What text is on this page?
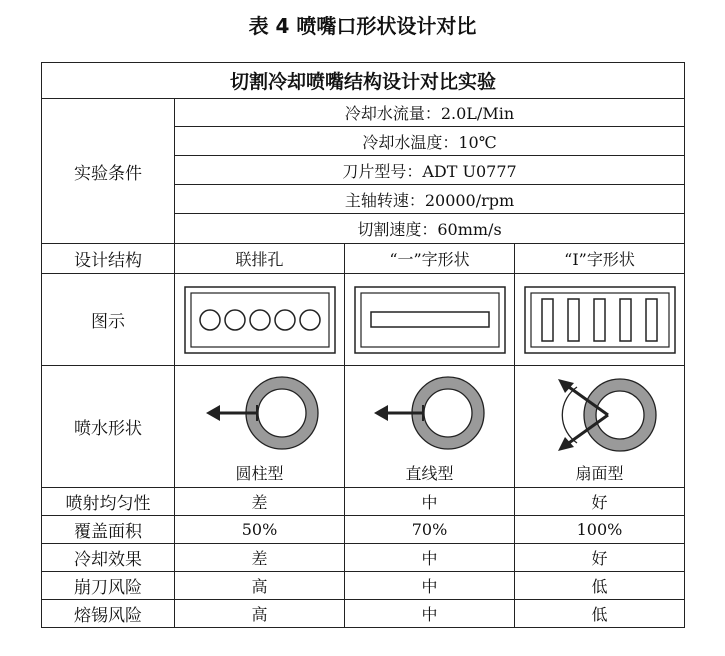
表 4 喷嘴口形状设计对比
切割冷却喷嘴结构设计对比实验			
实验条件	冷却水流量：2.0L/Min		
	冷却水温度：10℃		
	刀片型号：ADT U0777		
	主轴转速：20000/rpm		
	切割速度：60mm/s		
设计结构	联排孔	“一”字形状	“I”字形状
图示	

喷水形状	圆柱型	直线型	扇面型

喷射均匀性	差	中	好
覆盖面积	50%	70%	100%
冷却效果	差	中	好
崩刀风险	高	中	低
熔锡风险	高	中	低
